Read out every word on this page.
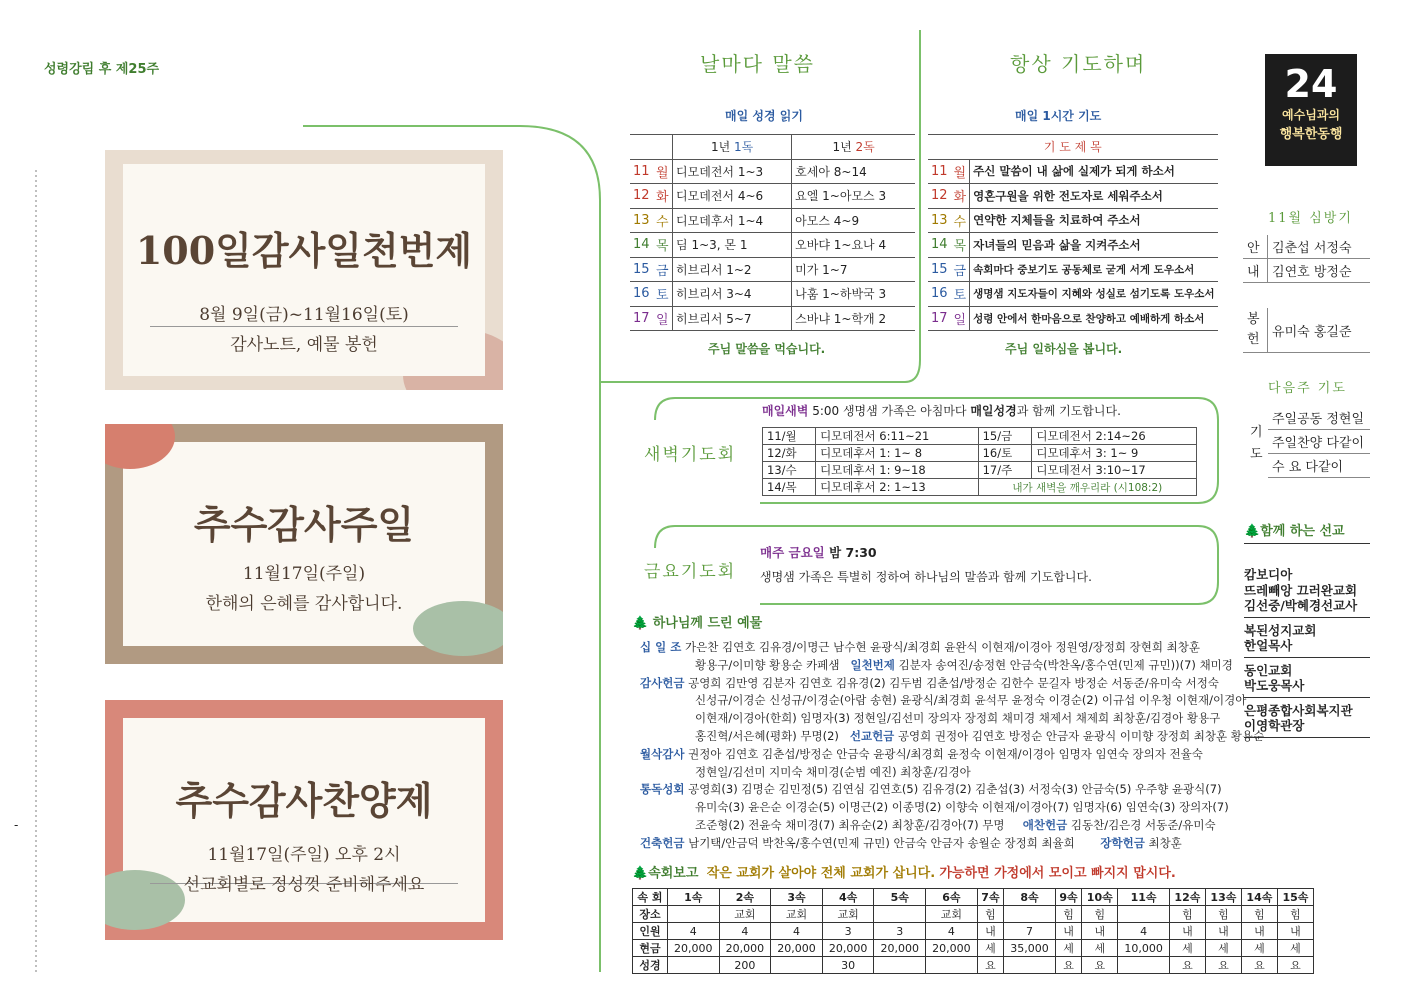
성령강림 후 제25주
-
100일감사일천번제
8월 9일(금)~11월16일(토)
감사노트, 예물 봉헌
추수감사주일
11월17일(주일)
한해의 은혜를 감사합니다.
추수감사찬양제
11월17일(주일) 오후 2시
선교회별로 정성껏 준비해주세요
날마다 말씀
매일 성경 읽기
		1년 1독	1년 2독
11	월	디모데전서 1~3	호세아 8~14
12	화	디모데전서 4~6	요엘 1~아모스 3
13	수	디모데후서 1~4	아모스 4~9
14	목	딤 1~3, 몬 1	오바댜 1~요나 4
15	금	히브리서 1~2	미가 1~7
16	토	히브리서 3~4	나훔 1~하박국 3
17	일	히브리서 5~7	스바냐 1~학개 2
주님 말씀을 먹습니다.
항상 기도하며
매일 1시간 기도
기 도 제 목		
11	월	주신 말씀이 내 삶에 실제가 되게 하소서
12	화	영혼구원을 위한 전도자로 세워주소서
13	수	연약한 지체들을 치료하여 주소서
14	목	자녀들의 믿음과 삶을 지켜주소서
15	금	속회마다 중보기도 공동체로 굳게 서게 도우소서
16	토	생명샘 지도자들이 지혜와 성실로 섬기도록 도우소서
17	일	성령 안에서 한마음으로 찬양하고 예배하게 하소서
주님 일하심을 봅니다.
24
예수님과의
행복한동행
11월 심방기
안	김춘섭 서정숙
내	김연호 방정순
봉
헌	유미숙 홍길준
다음주 기도
기
도
주일공동 정현일
주일찬양 다같이
수 요 다같이
🌲함께 하는 선교
캄보디아
뜨레빼앙 끄러완교회
김선중/박혜경선교사
복된성지교회
한얼목사
동인교회
박도웅목사
은평종합사회복지관
이영학관장
새벽기도회
매일새벽 5:00 생명샘 가족은 아침마다 매일성경과 함께 기도합니다.
11/월	디모데전서 6:11~21	15/금	디모데전서 2:14~26
12/화	디모데후서 1: 1~ 8	16/토	디모데후서 3: 1~ 9
13/수	디모데후서 1: 9~18	17/주	디모데전서 3:10~17
14/목	디모데후서 2: 1~13	내가 새벽을 깨우리라 (시108:2)	
금요기도회
매주 금요일 밤 7:30
생명샘 가족은 특별히 정하여 하나님의 말씀과 함께 기도합니다.
🌲 하나님께 드린 예물
십 일 조 가은찬 김연호 김유경/이명근 남수현 윤광식/최경희 윤완식 이현재/이경아 정원영/장정희 장현희 최창훈
황용구/이미향 황용순 카페샘 일천번제 김분자 송여진/송정현 안금숙(박찬옥/홍수연(민제 규민))(7) 채미경
감사헌금 공영희 김만영 김분자 김연호 김유경(2) 김두범 김춘섭/방정순 김한수 문길자 방정순 서동준/유미숙 서정숙
신성규/이경순 신성규/이경순(아람 송현) 윤광식/최경희 윤석무 윤정숙 이경순(2) 이규섭 이우청 이현재/이경아
이현재/이경아(한희) 임명자(3) 정현일/김선미 장의자 장정희 채미경 채제서 채제희 최창훈/김경아 황용구
홍진혁/서은혜(평화) 무명(2) 선교헌금 공영희 권정아 김연호 방정순 안금자 윤광식 이미향 장정희 최창훈 황용순
월삭감사 권정아 김연호 김춘섭/방정순 안금숙 윤광식/최경희 윤정숙 이현재/이경아 임명자 임연숙 장의자 전율숙
정현일/김선미 지미숙 채미경(순범 예진) 최창훈/김경아
통독성회 공영희(3) 김명순 김민정(5) 김연심 김연호(5) 김유경(2) 김춘섭(3) 서정숙(3) 안금숙(5) 우주향 윤광식(7)
유미숙(3) 윤은순 이경순(5) 이명근(2) 이종명(2) 이향숙 이현재/이경아(7) 임명자(6) 임연숙(3) 장의자(7)
조준형(2) 전윤숙 채미경(7) 최유순(2) 최창훈/김경아(7) 무명 애찬헌금 김동찬/김은경 서동준/유미숙
건축헌금 남기택/안금덕 박찬옥/홍수연(민제 규민) 안금숙 안금자 송월순 장정희 최율희 장학헌금 최창훈
🌲속회보고 작은 교회가 살아야 전체 교회가 삽니다. 가능하면 가정에서 모이고 빠지지 맙시다.
속 회	1속	2속	3속	4속	5속	6속	7속	8속	9속	10속	11속	12속	13속	14속	15속
장소		교회	교회	교회		교회	힘		힘	힘		힘	힘	힘	힘
인원	4	4	4	3	3	4	내	7	내	내	4	내	내	내	내
현금	20,000	20,000	20,000	20,000	20,000	20,000	세	35,000	세	세	10,000	세	세	세	세
성경		200		30			요		요	요		요	요	요	요
